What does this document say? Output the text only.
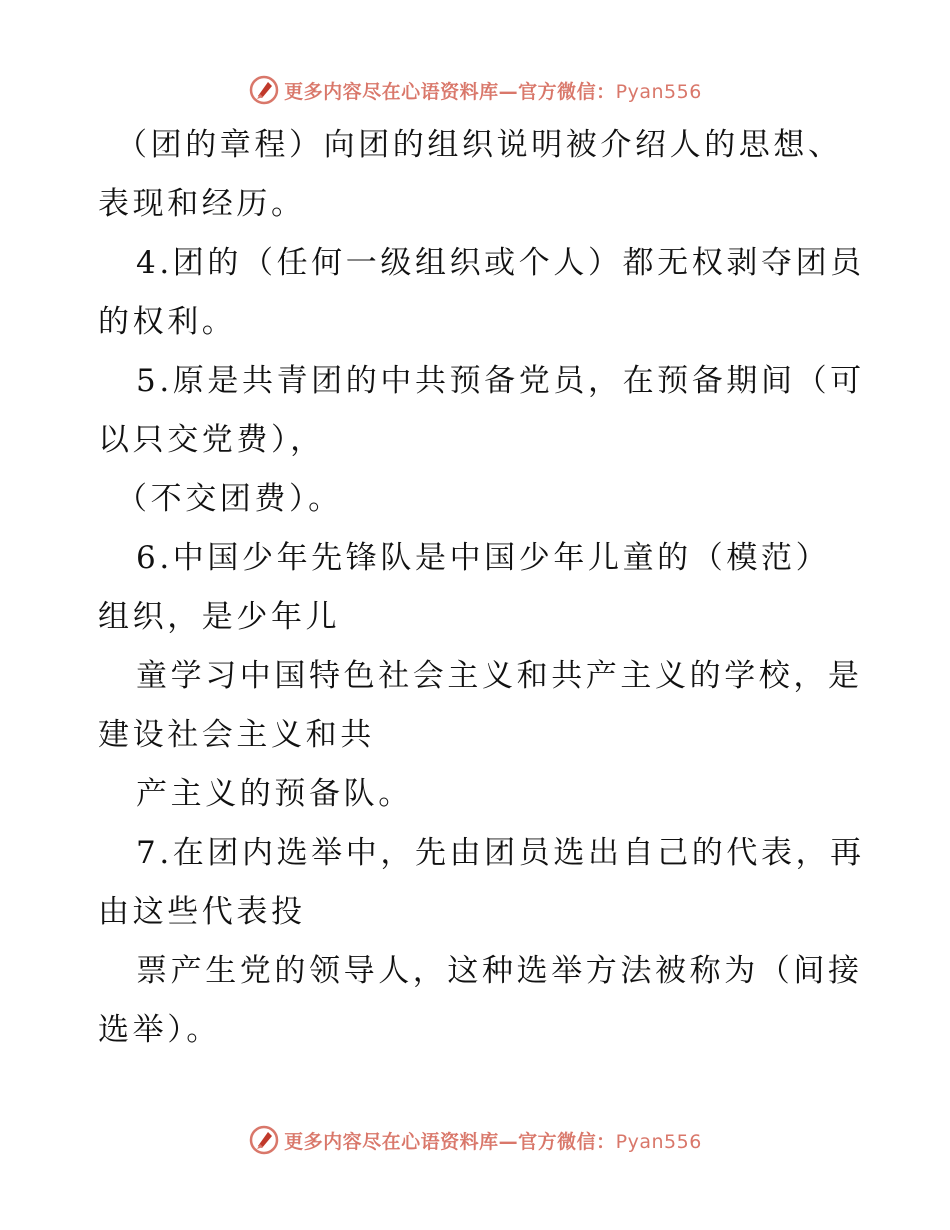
更多内容尽在心语资料库—官方微信：Pyan556
（团的章程）向团的组织说明被介绍人的思想、
表现和经历。
4.团的（任何一级组织或个人）都无权剥夺团员
的权利。
5.原是共青团的中共预备党员，在预备期间（可
以只交党费），
（不交团费）。
6.中国少年先锋队是中国少年儿童的（模范）
组织，是少年儿
童学习中国特色社会主义和共产主义的学校，是
建设社会主义和共
产主义的预备队。
7.在团内选举中，先由团员选出自己的代表，再
由这些代表投
票产生党的领导人，这种选举方法被称为（间接
选举）。
更多内容尽在心语资料库—官方微信：Pyan556
